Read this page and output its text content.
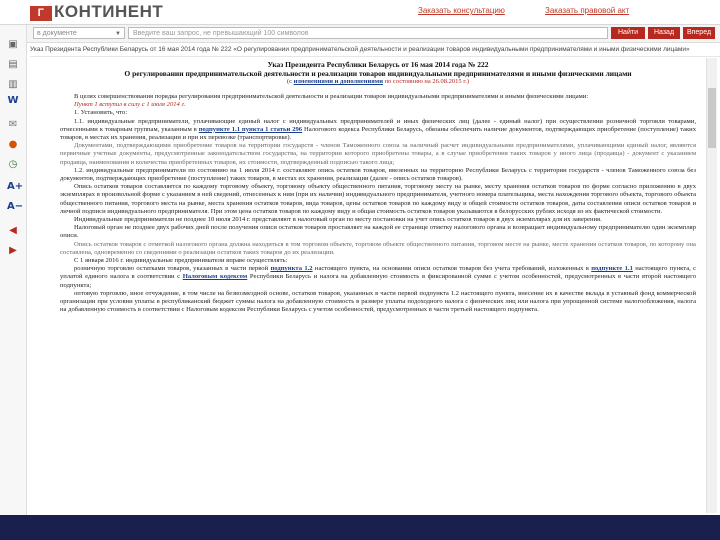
Г КОНТИНЕНТ	Заказать консультацию	Заказать правовой акт
в документе	▼	Введите ваш запрос, не превышающий 100 символов	Найти	Назад	Вперед
Указ Президента Республики Беларусь от 16 мая 2014 года № 222 «О регулировании предпринимательской деятельности и реализации товаров индивидуальными предпринимателями и иными физическими лицами»
▣
▤
▥
W
✉
●
◷
A+
A−
◀
▶
Указ Президента Республики Беларусь от 16 мая 2014 года № 222
О регулировании предпринимательской деятельности и реализации товаров индивидуальными предпринимателями и иными физическими лицами
(с изменениями и дополнениями по состоянию на 26.08.2015 г.)

В целях совершенствования порядка регулирования предпринимательской деятельности и реализации товаров индивидуальными предпринимателями и иными физическими лицами:

Пункт 1 вступил в силу с 1 июля 2014 г.

1. Установить, что:

1.1. индивидуальные предприниматели, уплачивающие единый налог с индивидуальных предпринимателей и иных физических лиц (далее - единый налог) при осуществлении розничной торговли товарами, отнесенными к товарным группам, указанным в подпункте 1.1 пункта 1 статьи 296 Налогового кодекса Республики Беларусь, обязаны обеспечить наличие документов, подтверждающих приобретение (поступление) таких товаров, в местах их хранения, реализации и при их перевозке (транспортировке).

Документами, подтверждающими приобретение товаров на территории государств - членов Таможенного союза за наличный расчет индивидуальными предпринимателями, уплачивающими единый налог, являются первичные учетные документы, предусмотренные законодательством государства, на территории которого приобретены товары, а в случае приобретения таких товаров у иного лица (продавца) - документ с указанием продавца, наименования и количества приобретенных товаров, их стоимости, подтвержденный подписью такого лица;

1.2. индивидуальные предприниматели по состоянию на 1 июля 2014 г. составляют опись остатков товаров, ввезенных на территорию Республики Беларусь с территории государств - членов Таможенного союза без документов, подтверждающих приобретение (поступление) таких товаров, в местах их хранения, реализации (далее - опись остатков товаров).

Опись остатков товаров составляется по каждому торговому объекту, торговому объекту общественного питания, торговому месту на рынке, месту хранения остатков товаров по форме согласно приложению в двух экземплярах в произвольной форме с указанием в ней сведений, отнесенных к ним (при их наличии) индивидуального предпринимателя, учетного номера плательщика, места нахождения торгового объекта, торгового объекта общественного питания, торгового места на рынке, места хранения остатков товаров, вида товаров, цены остатков товаров по каждому виду и общей стоимости остатков товаров, даты составления описи остатков товаров и личной подписи индивидуального предпринимателя. При этом цена остатков товаров по каждому виду и общая стоимость остатков товаров указываются в белорусских рублях исходя из их фактической стоимости.

Индивидуальные предприниматели не позднее 10 июля 2014 г. представляют в налоговый орган по месту постановки на учет опись остатков товаров в двух экземплярах для их заверения.

Налоговый орган не позднее двух рабочих дней после получения описи остатков товаров проставляет на каждой ее странице отметку налогового органа и возвращает индивидуальному предпринимателю один экземпляр описи.

Опись остатков товаров с отметкой налогового органа должна находиться в том торговом объекте, торговом объекте общественного питания, торговом месте на рынке, месте хранения остатков товаров, по которому она составлена, одновременно со сведениями о реализации остатков таких товаров до их реализации.

С 1 января 2016 г. индивидуальные предприниматели вправе осуществлять:

розничную торговлю остатками товаров, указанных в части первой подпункта 1.2 настоящего пункта, на основании описи остатков товаров без учета требований, изложенных в подпункте 1.1 настоящего пункта, с уплатой единого налога в соответствии с Налоговым кодексом Республики Беларусь и налога на добавленную стоимость в фиксированной сумме с учетом особенностей, предусмотренных в части второй настоящего подпункта;

оптовую торговлю, иное отчуждение, в том числе на безвозмездной основе, остатков товаров, указанных в части первой подпункта 1.2 настоящего пункта, внесение их в качестве вклада в уставный фонд коммерческой организации при условии уплаты в республиканский бюджет суммы налога на добавленную стоимость в размере уплаты подоходного налога с физических лиц или налога при упрощенной системе налогообложения, налога на добавленную стоимость в соответствии с Налоговым кодексом Республики Беларусь с учетом особенностей, предусмотренных в части третьей настоящего подпункта.
